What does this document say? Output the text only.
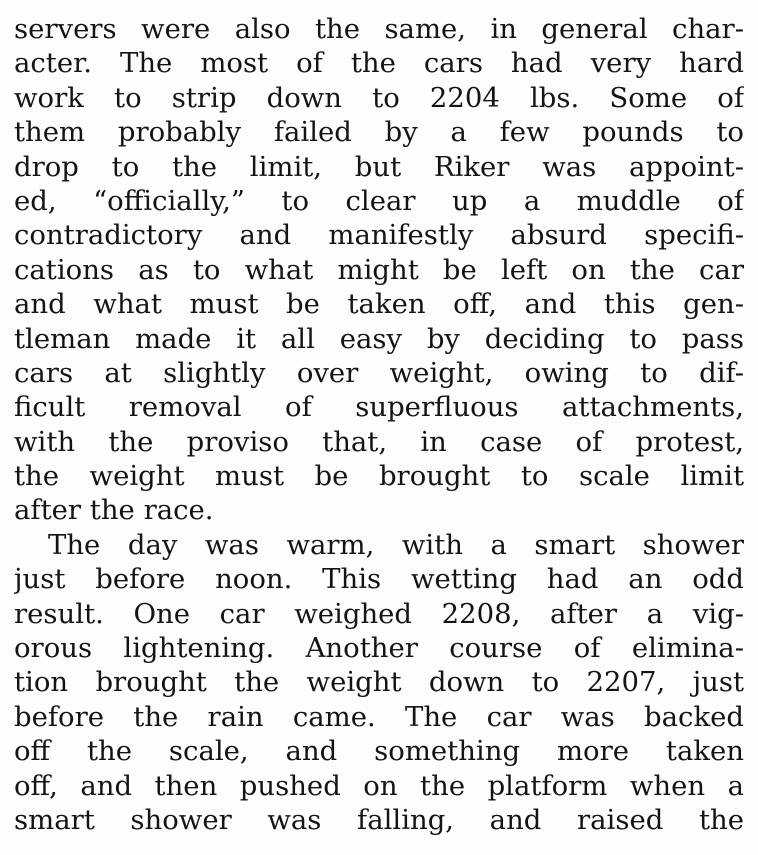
servers were also the same, in general char-
acter. The most of the cars had very hard
work to strip down to 2204 lbs. Some of
them probably failed by a few pounds to
drop to the limit, but Riker was appoint-
ed, “officially,” to clear up a muddle of
contradictory and manifestly absurd specifi-
cations as to what might be left on the car
and what must be taken off, and this gen-
tleman made it all easy by deciding to pass
cars at slightly over weight, owing to dif-
ficult removal of superfluous attachments,
with the proviso that, in case of protest,
the weight must be brought to scale limit
after the race.
The day was warm, with a smart shower
just before noon. This wetting had an odd
result. One car weighed 2208, after a vig-
orous lightening. Another course of elimina-
tion brought the weight down to 2207, just
before the rain came. The car was backed
off the scale, and something more taken
off, and then pushed on the platform when a
smart shower was falling, and raised the
